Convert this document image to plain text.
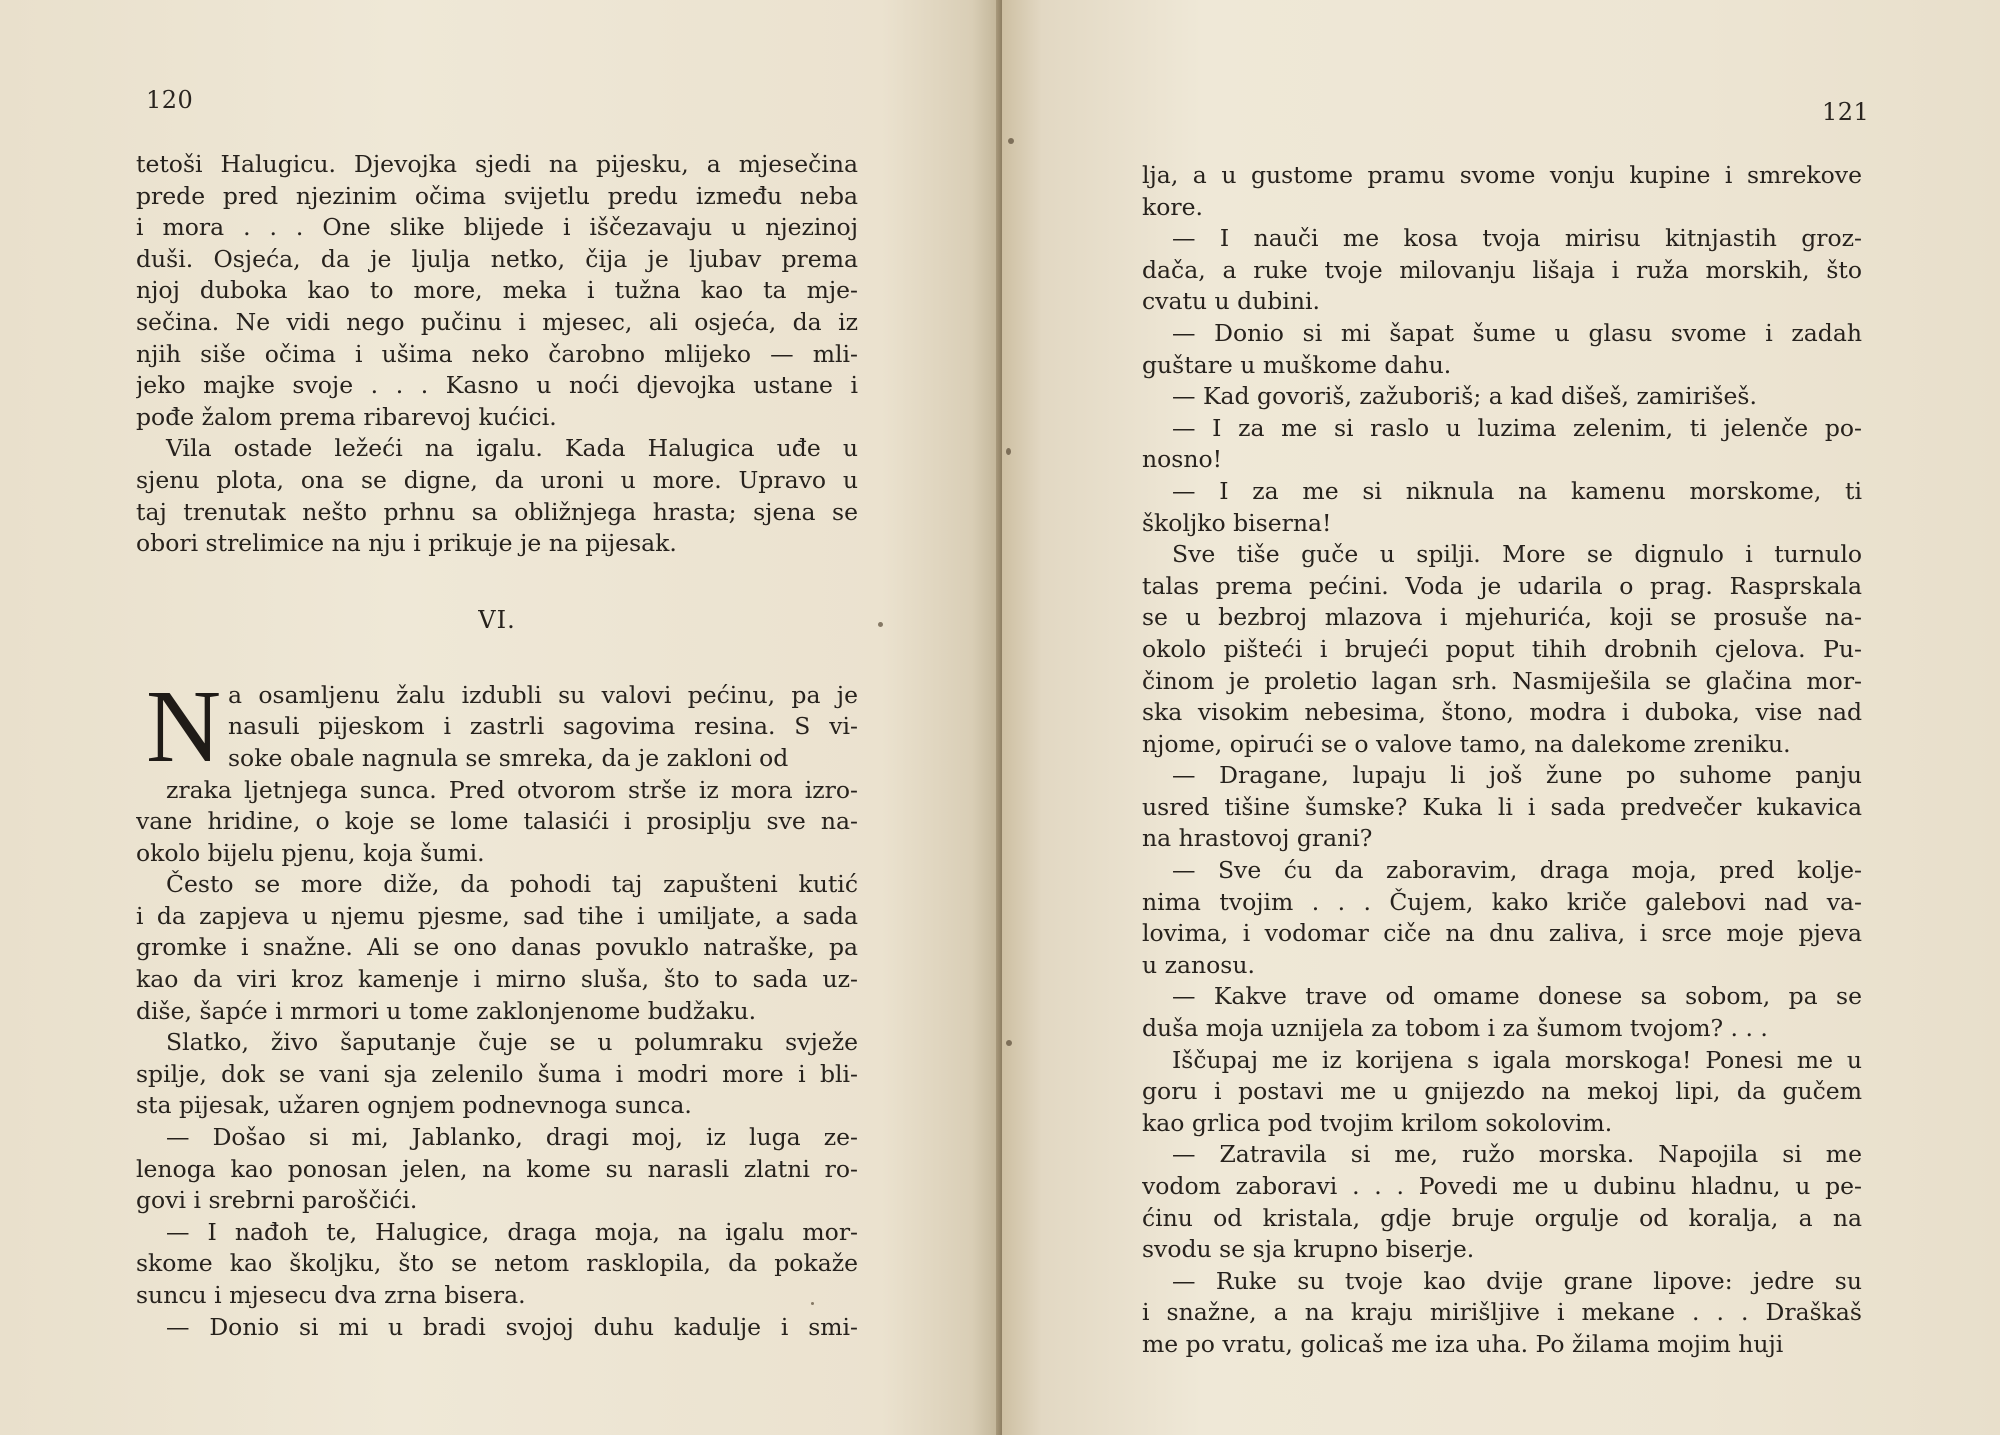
120
tetoši Halugicu. Djevojka sjedi na pijesku, a mjesečina
prede pred njezinim očima svijetlu predu između neba
i mora . . . One slike blijede i iščezavaju u njezinoj
duši. Osjeća, da je ljulja netko, čija je ljubav prema
njoj duboka kao to more, meka i tužna kao ta mje-
sečina. Ne vidi nego pučinu i mjesec, ali osjeća, da iz
njih siše očima i ušima neko čarobno mlijeko — mli-
jeko majke svoje . . . Kasno u noći djevojka ustane i
pođe žalom prema ribarevoj kućici.
Vila ostade ležeći na igalu. Kada Halugica uđe u
sjenu plota, ona se digne, da uroni u more. Upravo u
taj trenutak nešto prhnu sa obližnjega hrasta; sjena se
obori strelimice na nju i prikuje je na pijesak.
VI.
N a osamljenu žalu izdubli su valovi pećinu, pa je
nasuli pijeskom i zastrli sagovima resina. S vi-
soke obale nagnula se smreka, da je zakloni od
zraka ljetnjega sunca. Pred otvorom strše iz mora izro-
vane hridine, o koje se lome talasići i prosiplju sve na-
okolo bijelu pjenu, koja šumi.
Često se more diže, da pohodi taj zapušteni kutić
i da zapjeva u njemu pjesme, sad tihe i umiljate, a sada
gromke i snažne. Ali se ono danas povuklo natraške, pa
kao da viri kroz kamenje i mirno sluša, što to sada uz-
diše, šapće i mrmori u tome zaklonjenome budžaku.
Slatko, živo šaputanje čuje se u polumraku svježe
spilje, dok se vani sja zelenilo šuma i modri more i bli-
sta pijesak, užaren ognjem podnevnoga sunca.
— Došao si mi, Jablanko, dragi moj, iz luga ze-
lenoga kao ponosan jelen, na kome su narasli zlatni ro-
govi i srebrni paroščići.
— I nađoh te, Halugice, draga moja, na igalu mor-
skome kao školjku, što se netom rasklopila, da pokaže
suncu i mjesecu dva zrna bisera.
— Donio si mi u bradi svojoj duhu kadulje i smi-
121
lja, a u gustome pramu svome vonju kupine i smrekove
kore.
— I nauči me kosa tvoja mirisu kitnjastih groz-
dača, a ruke tvoje milovanju lišaja i ruža morskih, što
cvatu u dubini.
— Donio si mi šapat šume u glasu svome i zadah
guštare u muškome dahu.
— Kad govoriš, zažuboriš; a kad dišeš, zamirišeš.
— I za me si raslo u luzima zelenim, ti jelenče po-
nosno!
— I za me si niknula na kamenu morskome, ti
školjko biserna!
Sve tiše guče u spilji. More se dignulo i turnulo
talas prema pećini. Voda je udarila o prag. Rasprskala
se u bezbroj mlazova i mjehurića, koji se prosuše na-
okolo pišteći i brujeći poput tihih drobnih cjelova. Pu-
činom je proletio lagan srh. Nasmiješila se glačina mor-
ska visokim nebesima, štono, modra i duboka, vise nad
njome, opirući se o valove tamo, na dalekome zreniku.
— Dragane, lupaju li još žune po suhome panju
usred tišine šumske? Kuka li i sada predvečer kukavica
na hrastovoj grani?
— Sve ću da zaboravim, draga moja, pred kolje-
nima tvojim . . . Čujem, kako kriče galebovi nad va-
lovima, i vodomar ciče na dnu zaliva, i srce moje pjeva
u zanosu.
— Kakve trave od omame donese sa sobom, pa se
duša moja uznijela za tobom i za šumom tvojom? . . .
Iščupaj me iz korijena s igala morskoga! Ponesi me u
goru i postavi me u gnijezdo na mekoj lipi, da gučem
kao grlica pod tvojim krilom sokolovim.
— Zatravila si me, ružo morska. Napojila si me
vodom zaboravi . . . Povedi me u dubinu hladnu, u pe-
ćinu od kristala, gdje bruje orgulje od koralja, a na
svodu se sja krupno biserje.
— Ruke su tvoje kao dvije grane lipove: jedre su
i snažne, a na kraju mirišljive i mekane . . . Draškaš
me po vratu, golicaš me iza uha. Po žilama mojim huji
